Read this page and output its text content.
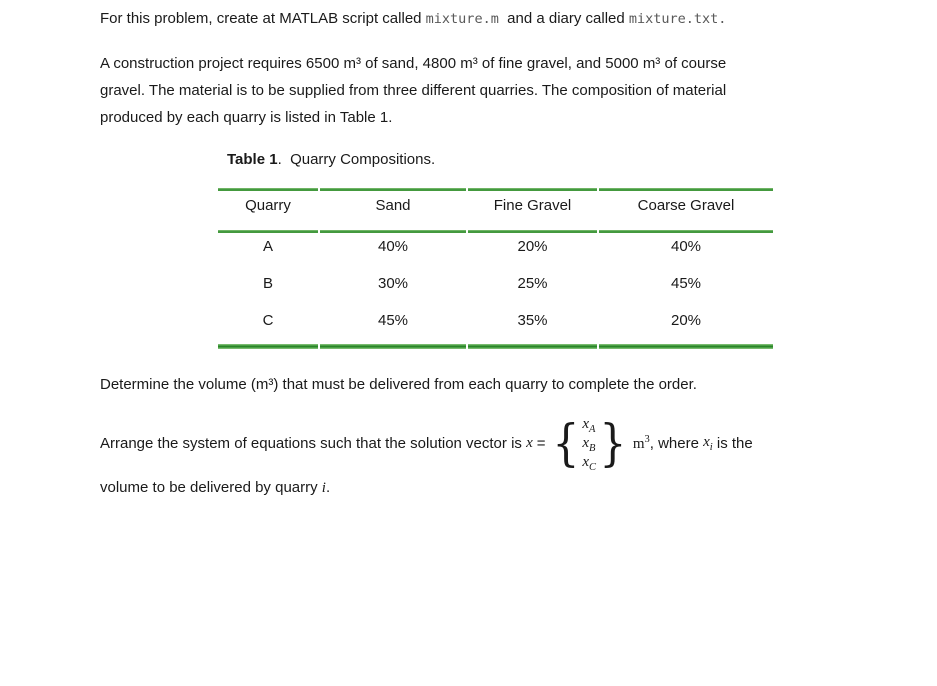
For this problem, create at MATLAB script called mixture.m  and a diary called mixture.txt.
A construction project requires 6500 m³ of sand, 4800 m³ of fine gravel, and 5000 m³ of course
gravel. The material is to be supplied from three different quarries. The composition of material
produced by each quarry is listed in Table 1.
Table 1.  Quarry Compositions.
Quarry	Sand	Fine Gravel	Coarse Gravel
A	40%	20%	40%
B	30%	25%	45%
C	45%	35%	20%
Determine the volume (m³) that must be delivered from each quarry to complete the order.
Arrange the system of equations such that the solution vector is x = { $x_A$
$x_B$
$x_C$ } $m^3$ , where $x_i$ is the
volume to be delivered by quarry i.
